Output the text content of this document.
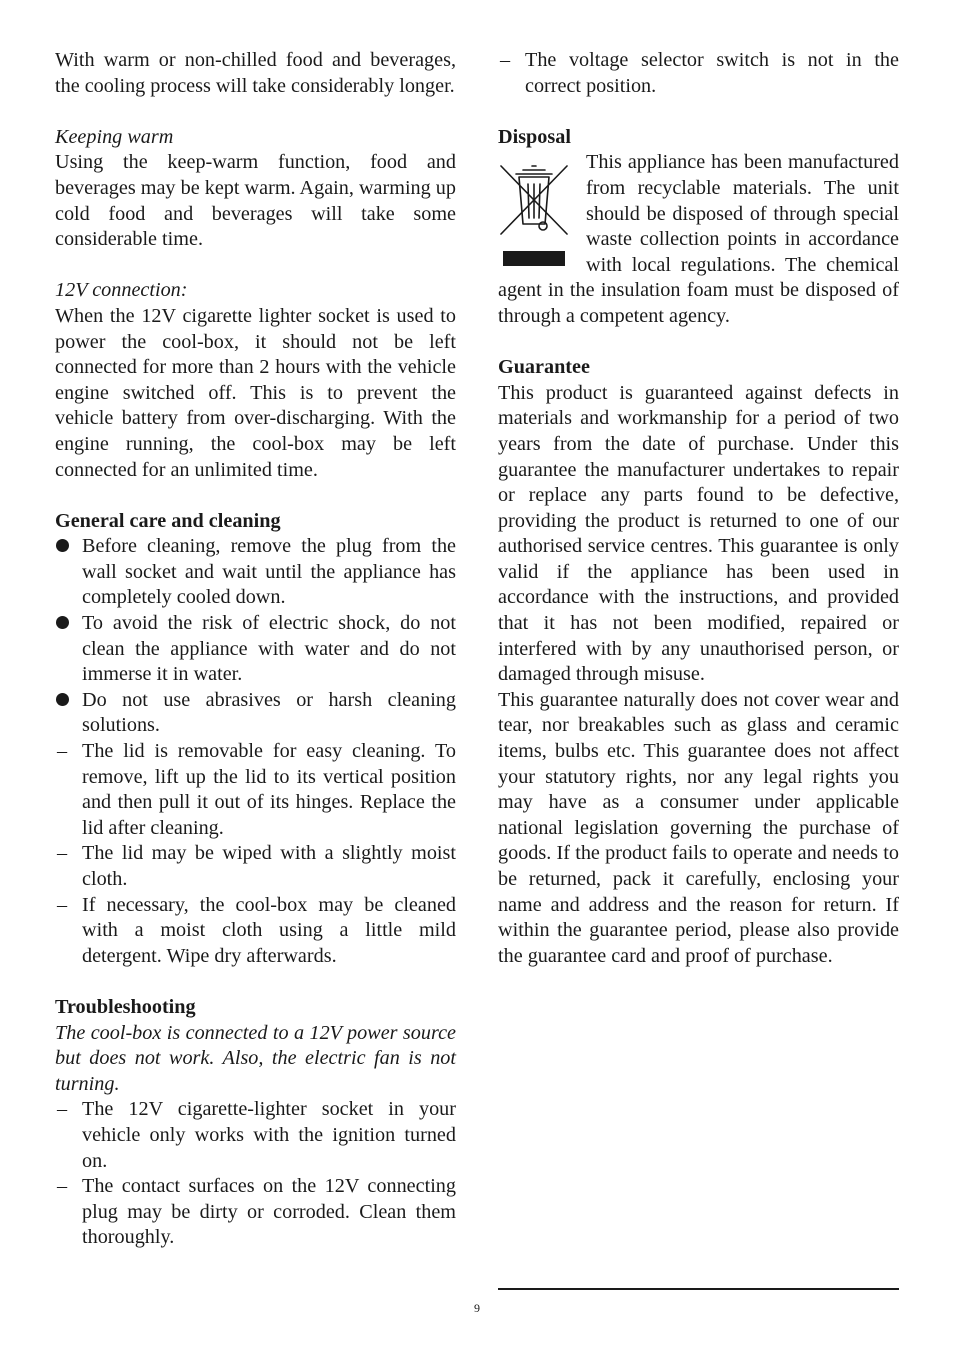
With warm or non-chilled food and beverages, the cooling process will take considerably longer.

Keeping warm

Using the keep-warm function, food and beverages may be kept warm. Again, warming up cold food and beverages will take some considerable time.

12V connection:

When the 12V cigarette lighter socket is used to power the cool-box, it should not be left connected for more than 2 hours with the vehicle engine switched off. This is to prevent the vehicle battery from over-discharging. With the engine running, the cool-box may be left connected for an unlimited time.

General care and cleaning

Before cleaning, remove the plug from the wall socket and wait until the appliance has completely cooled down.
To avoid the risk of electric shock, do not clean the appliance with water and do not immerse it in water.
Do not use abrasives or harsh cleaning solutions.
– The lid is removable for easy cleaning. To remove, lift up the lid to its vertical position and then pull it out of its hinges. Replace the lid after cleaning.
– The lid may be wiped with a slightly moist cloth.
– If necessary, the cool-box may be cleaned with a moist cloth using a little mild detergent. Wipe dry afterwards.

Troubleshooting

The cool-box is connected to a 12V power source but does not work. Also, the electric fan is not turning.

– The 12V cigarette-lighter socket in your vehicle only works with the ignition turned on.
– The contact surfaces on the 12V connecting plug may be dirty or corroded. Clean them thoroughly.
– The voltage selector switch is not in the correct position.

Disposal

This appliance has been manufactured from recyclable materials. The unit should be disposed of through special waste collection points in accordance with local regulations. The chemical agent in the insulation foam must be disposed of through a competent agency.

Guarantee

This product is guaranteed against defects in materials and workmanship for a period of two years from the date of purchase. Under this guarantee the manufacturer undertakes to repair or replace any parts found to be defective, providing the product is returned to one of our authorised service centres. This guarantee is only valid if the appliance has been used in accordance with the instructions, and provided that it has not been modified, repaired or interfered with by any unauthorised person, or damaged through misuse.

This guarantee naturally does not cover wear and tear, nor breakables such as glass and ceramic items, bulbs etc. This guarantee does not affect your statutory rights, nor any legal rights you may have as a consumer under applicable national legislation governing the purchase of goods. If the product fails to operate and needs to be returned, pack it carefully, enclosing your name and address and the reason for return. If within the guarantee period, please also provide the guarantee card and proof of purchase.

9
